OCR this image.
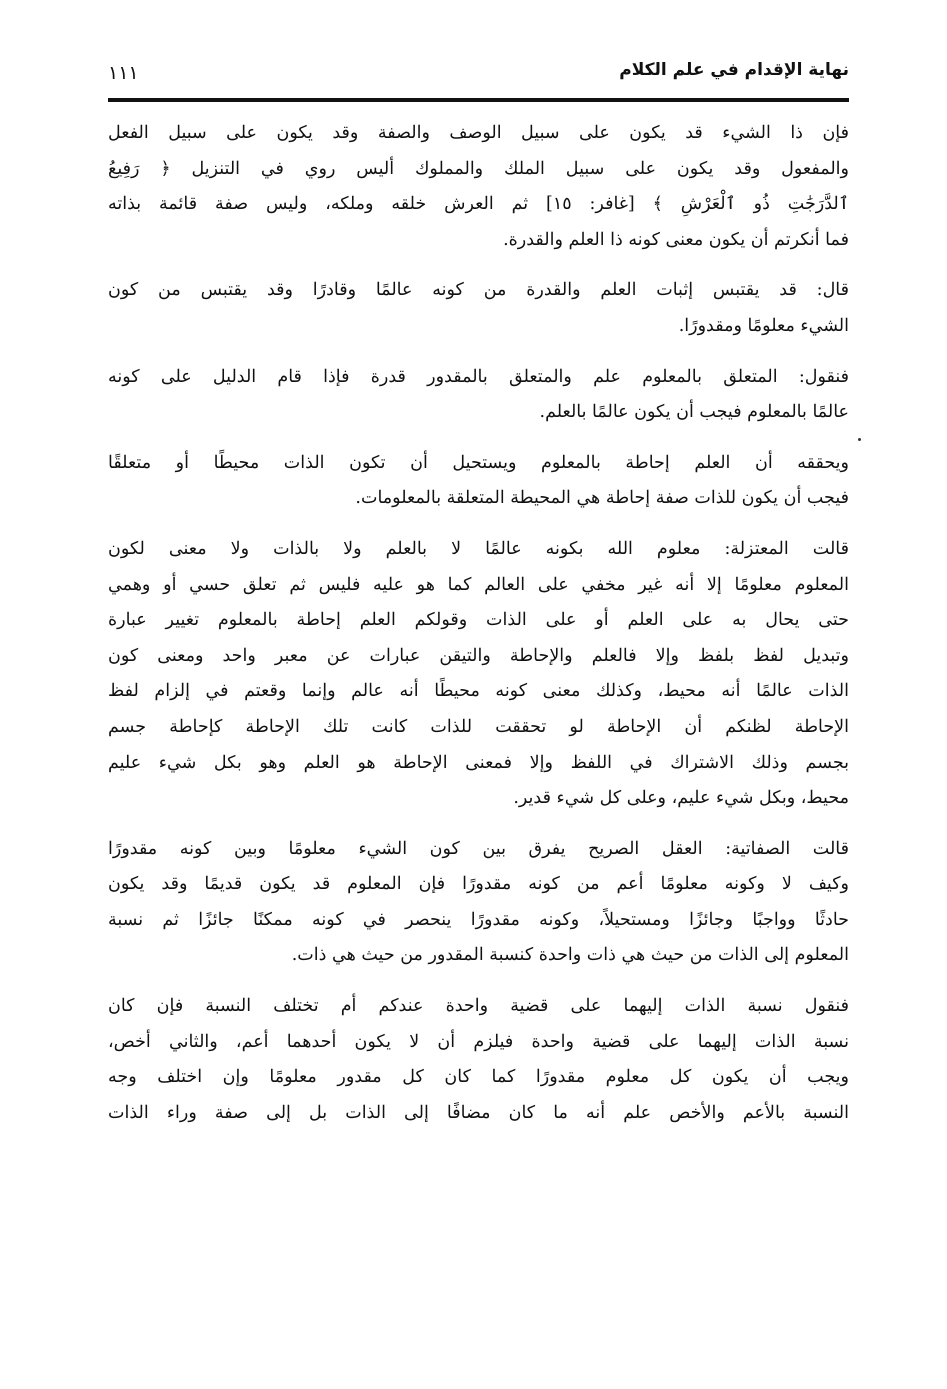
نهاية الإقدام في علم الكلام
١١١

فإن ذا الشيء قد يكون على سبيل الوصف والصفة وقد يكون على سبيل الفعل
والمفعول وقد يكون على سبيل الملك والمملوك أليس روي في التنزيل ﴿ رَفِيعُ
ٱلدَّرَجَٰتِ ذُو ٱلْعَرْشِ ﴾ [غافر: ١٥] ثم العرش خلقه وملكه، وليس صفة قائمة بذاته
فما أنكرتم أن يكون معنى كونه ذا العلم والقدرة.

قال: قد يقتبس إثبات العلم والقدرة من كونه عالمًا وقادرًا وقد يقتبس من كون
الشيء معلومًا ومقدورًا.

فنقول: المتعلق بالمعلوم علم والمتعلق بالمقدور قدرة فإذا قام الدليل على كونه
عالمًا بالمعلوم فيجب أن يكون عالمًا بالعلم.

ويحققه أن العلم إحاطة بالمعلوم ويستحيل أن تكون الذات محيطًا أو متعلقًا
فيجب أن يكون للذات صفة إحاطة هي المحيطة المتعلقة بالمعلومات.

قالت المعتزلة: معلوم الله بكونه عالمًا لا بالعلم ولا بالذات ولا معنى لكون
المعلوم معلومًا إلا أنه غير مخفي على العالم كما هو عليه فليس ثم تعلق حسي أو وهمي
حتى يحال به على العلم أو على الذات وقولكم العلم إحاطة بالمعلوم تغيير عبارة
وتبديل لفظ بلفظ وإلا فالعلم والإحاطة والتيقن عبارات عن معبر واحد ومعنى كون
الذات عالمًا أنه محيط، وكذلك معنى كونه محيطًا أنه عالم وإنما وقعتم في إلزام لفظ
الإحاطة لظنكم أن الإحاطة لو تحققت للذات كانت تلك الإحاطة كإحاطة جسم
بجسم وذلك الاشتراك في اللفظ وإلا فمعنى الإحاطة هو العلم وهو بكل شيء عليم
محيط، وبكل شيء عليم، وعلى كل شيء قدير.

قالت الصفاتية: العقل الصريح يفرق بين كون الشيء معلومًا وبين كونه مقدورًا
وكيف لا وكونه معلومًا أعم من كونه مقدورًا فإن المعلوم قد يكون قديمًا وقد يكون
حادثًا وواجبًا وجائزًا ومستحيلاً، وكونه مقدورًا ينحصر في كونه ممكنًا جائزًا ثم نسبة
المعلوم إلى الذات من حيث هي ذات واحدة كنسبة المقدور من حيث هي ذات.

فنقول نسبة الذات إليهما على قضية واحدة عندكم أم تختلف النسبة فإن كان
نسبة الذات إليهما على قضية واحدة فيلزم أن لا يكون أحدهما أعم، والثاني أخص،
ويجب أن يكون كل معلوم مقدورًا كما كان كل مقدور معلومًا وإن اختلف وجه
النسبة بالأعم والأخص علم أنه ما كان مضافًا إلى الذات بل إلى صفة وراء الذات
